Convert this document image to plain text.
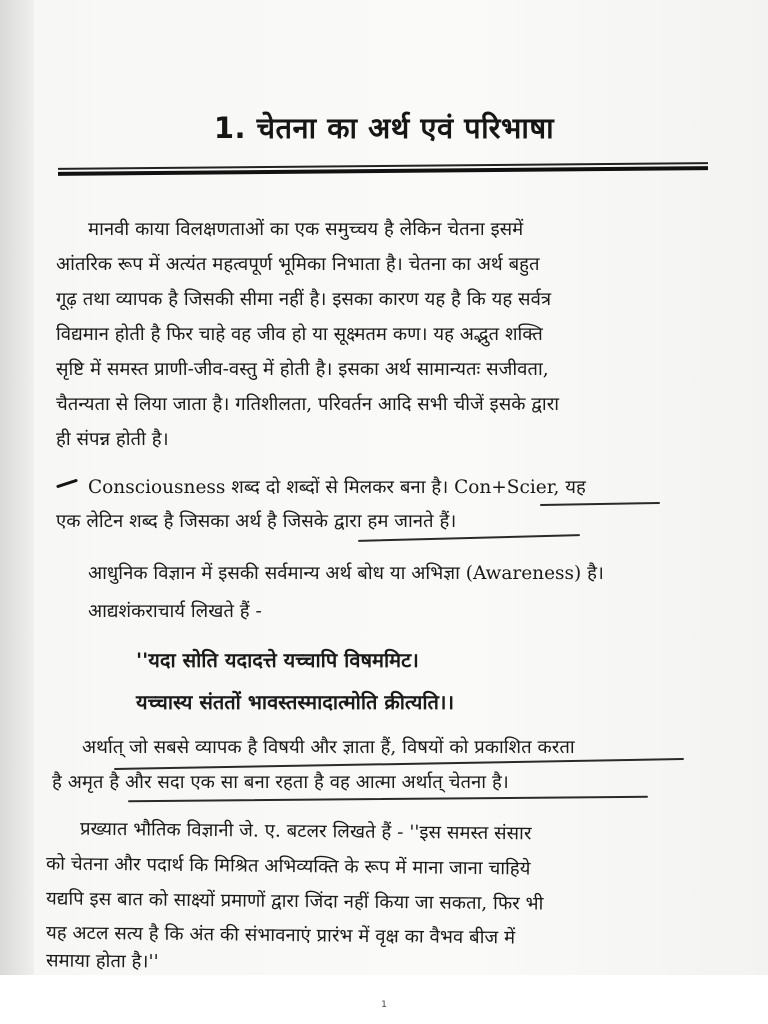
1. चेतना का अर्थ एवं परिभाषा
मानवी काया विलक्षणताओं का एक समुच्चय है लेकिन चेतना इसमें
आंतरिक रूप में अत्यंत महत्वपूर्ण भूमिका निभाता है। चेतना का अर्थ बहुत
गूढ़ तथा व्यापक है जिसकी सीमा नहीं है। इसका कारण यह है कि यह सर्वत्र
विद्यमान होती है फिर चाहे वह जीव हो या सूक्ष्मतम कण। यह अद्भुत शक्ति
सृष्टि में समस्त प्राणी-जीव-वस्तु में होती है। इसका अर्थ सामान्यतः सजीवता,
चैतन्यता से लिया जाता है। गतिशीलता, परिवर्तन आदि सभी चीजें इसके द्वारा
ही संपन्न होती है।
Consciousness शब्द दो शब्दों से मिलकर बना है। Con+Scier, यह
एक लेटिन शब्द है जिसका अर्थ है जिसके द्वारा हम जानते हैं।
आधुनिक विज्ञान में इसकी सर्वमान्य अर्थ बोध या अभिज्ञा (Awareness) है।
आद्यशंकराचार्य लिखते हैं -
''यदा सोति यदादत्ते यच्चापि विषममिट।
यच्चास्य संततों भावस्तस्मादात्मोति क्रीत्यति।।
अर्थात् जो सबसे व्यापक है विषयी और ज्ञाता हैं, विषयों को प्रकाशित करता
है अमृत है और सदा एक सा बना रहता है वह आत्मा अर्थात् चेतना है।
प्रख्यात भौतिक विज्ञानी जे. ए. बटलर लिखते हैं - ''इस समस्त संसार
को चेतना और पदार्थ कि मिश्रित अभिव्यक्ति के रूप में माना जाना चाहिये
यद्यपि इस बात को साक्ष्यों प्रमाणों द्वारा जिंदा नहीं किया जा सकता, फिर भी
यह अटल सत्य है कि अंत की संभावनाएं प्रारंभ में वृक्ष का वैभव बीज में
समाया होता है।''
1
